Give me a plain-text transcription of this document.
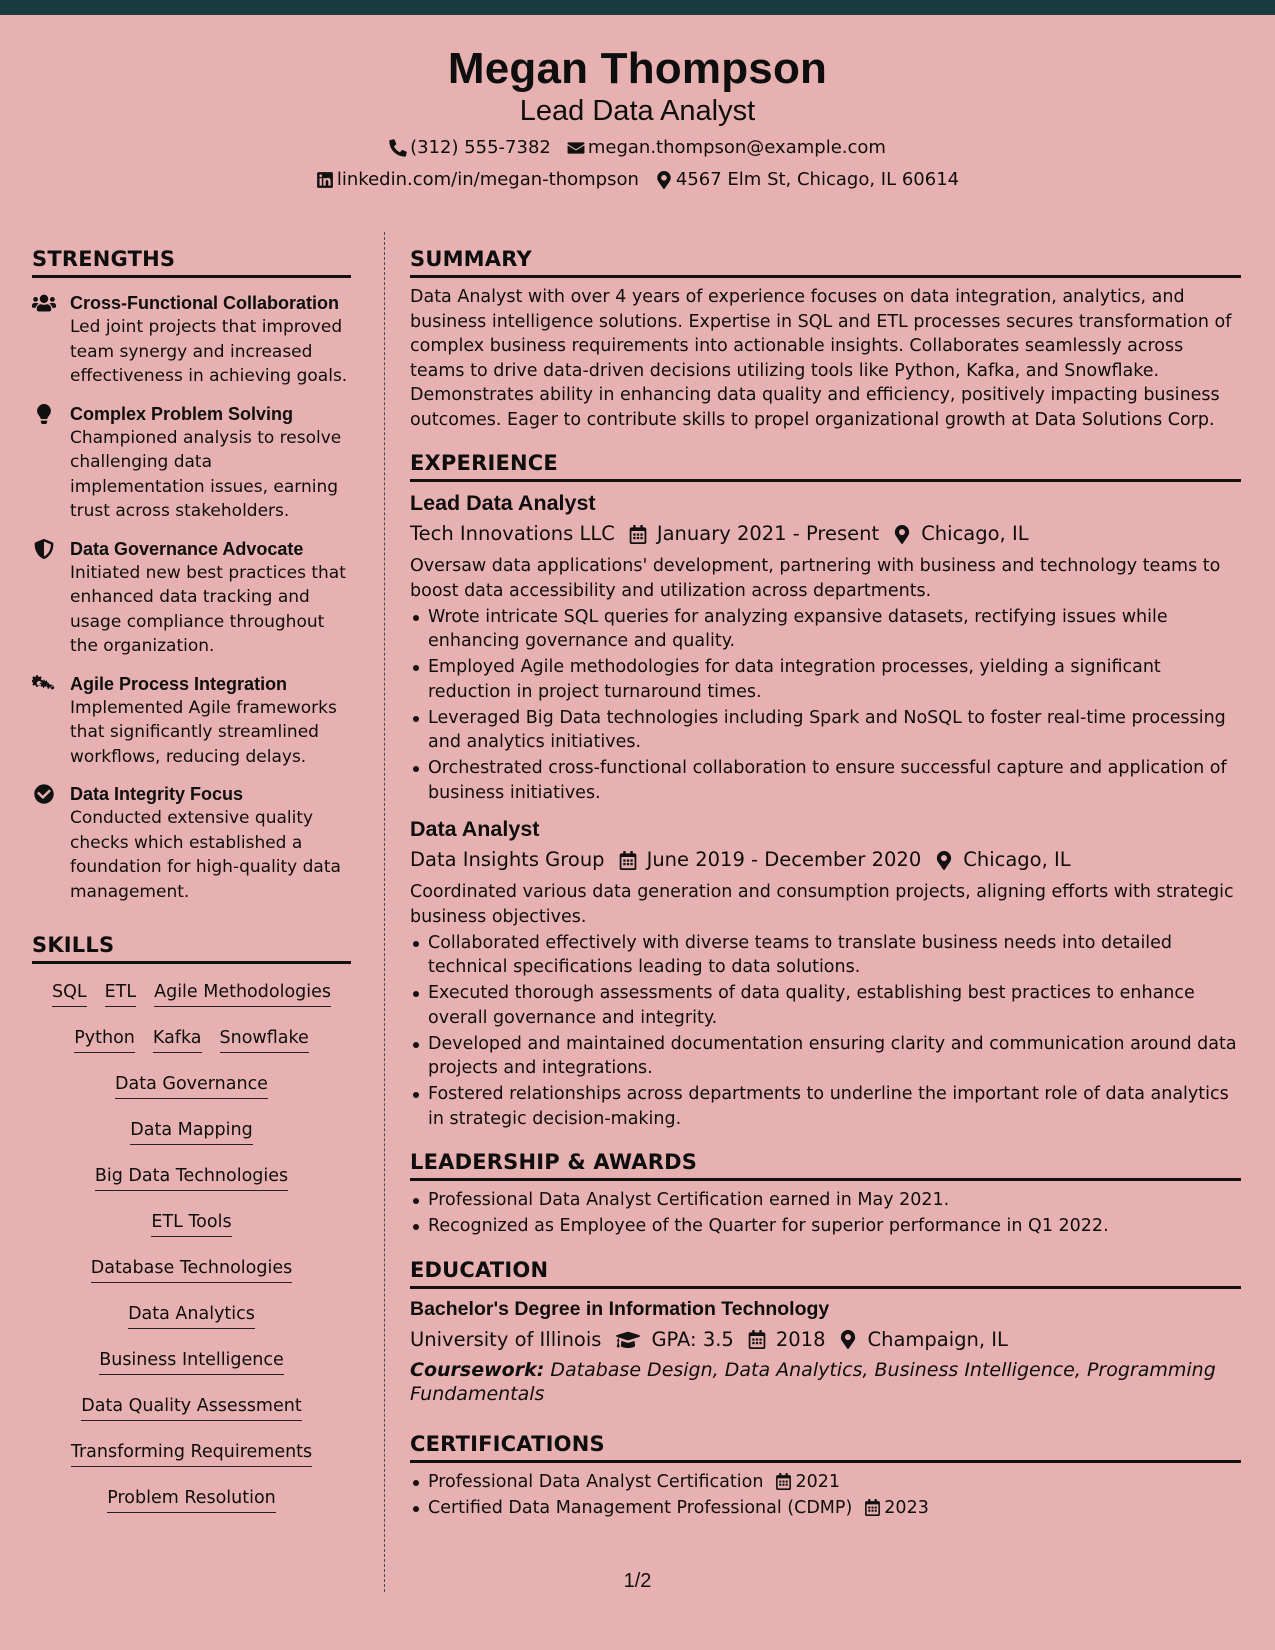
Megan Thompson
Lead Data Analyst
(312) 555-7382 megan.thompson@example.com
linkedin.com/in/megan-thompson 4567 Elm St, Chicago, IL 60614
STRENGTHS
Cross-Functional Collaboration
Led joint projects that improved team synergy and increased effectiveness in achieving goals.
Complex Problem Solving
Championed analysis to resolve challenging data implementation issues, earning trust across stakeholders.
Data Governance Advocate
Initiated new best practices that enhanced data tracking and usage compliance throughout the organization.
Agile Process Integration
Implemented Agile frameworks that significantly streamlined workflows, reducing delays.
Data Integrity Focus
Conducted extensive quality checks which established a foundation for high-quality data management.
SKILLS
SQL ETL Agile Methodologies
Python Kafka Snowflake
Data Governance
Data Mapping
Big Data Technologies
ETL Tools
Database Technologies
Data Analytics
Business Intelligence
Data Quality Assessment
Transforming Requirements
Problem Resolution
SUMMARY
Data Analyst with over 4 years of experience focuses on data integration, analytics, and business intelligence solutions. Expertise in SQL and ETL processes secures transformation of complex business requirements into actionable insights. Collaborates seamlessly across teams to drive data-driven decisions utilizing tools like Python, Kafka, and Snowflake. Demonstrates ability in enhancing data quality and efficiency, positively impacting business outcomes. Eager to contribute skills to propel organizational growth at Data Solutions Corp.
EXPERIENCE
Lead Data Analyst
Tech Innovations LLC January 2021 - Present Chicago, IL
Oversaw data applications' development, partnering with business and technology teams to boost data accessibility and utilization across departments.
Wrote intricate SQL queries for analyzing expansive datasets, rectifying issues while enhancing governance and quality.
Employed Agile methodologies for data integration processes, yielding a significant reduction in project turnaround times.
Leveraged Big Data technologies including Spark and NoSQL to foster real-time processing and analytics initiatives.
Orchestrated cross-functional collaboration to ensure successful capture and application of business initiatives.
Data Analyst
Data Insights Group June 2019 - December 2020 Chicago, IL
Coordinated various data generation and consumption projects, aligning efforts with strategic business objectives.
Collaborated effectively with diverse teams to translate business needs into detailed technical specifications leading to data solutions.
Executed thorough assessments of data quality, establishing best practices to enhance overall governance and integrity.
Developed and maintained documentation ensuring clarity and communication around data projects and integrations.
Fostered relationships across departments to underline the important role of data analytics in strategic decision-making.
LEADERSHIP & AWARDS
Professional Data Analyst Certification earned in May 2021.
Recognized as Employee of the Quarter for superior performance in Q1 2022.
EDUCATION
Bachelor's Degree in Information Technology
University of Illinois	GPA: 3.5 2018 Champaign, IL
Coursework: Database Design, Data Analytics, Business Intelligence, Programming Fundamentals
CERTIFICATIONS
Professional Data Analyst Certification 2021
Certified Data Management Professional (CDMP) 2023
1/2
